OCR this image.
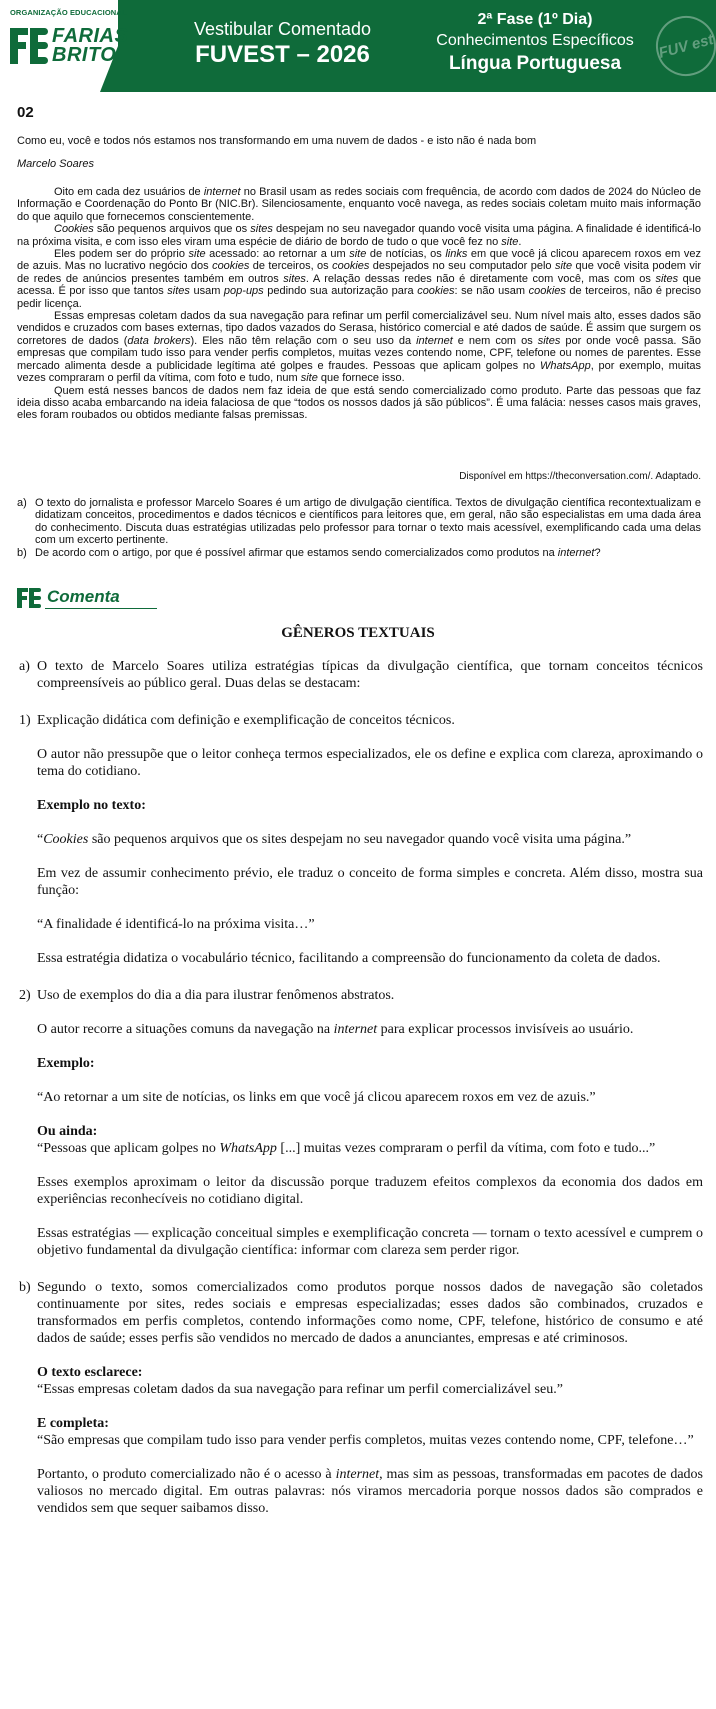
ORGANIZAÇÃO EDUCACIONAL
FARIAS
BRITO
Vestibular Comentado
FUVEST – 2026
2ª Fase (1º Dia)
Conhecimentos Específicos
Língua Portuguesa
FUV est
02
Como eu, você e todos nós estamos nos transformando em uma nuvem de dados - e isto não é nada bom
Marcelo Soares

Oito em cada dez usuários de internet no Brasil usam as redes sociais com frequência, de acordo com dados de 2024 do Núcleo de Informação e Coordenação do Ponto Br (NIC.Br). Silenciosamente, enquanto você navega, as redes sociais coletam muito mais informação do que aquilo que fornecemos conscientemente.

Cookies são pequenos arquivos que os sites despejam no seu navegador quando você visita uma página. A finalidade é identificá-lo na próxima visita, e com isso eles viram uma espécie de diário de bordo de tudo o que você fez no site.

Eles podem ser do próprio site acessado: ao retornar a um site de notícias, os links em que você já clicou aparecem roxos em vez de azuis. Mas no lucrativo negócio dos cookies de terceiros, os cookies despejados no seu computador pelo site que você visita podem vir de redes de anúncios presentes também em outros sites. A relação dessas redes não é diretamente com você, mas com os sites que acessa. É por isso que tantos sites usam pop-ups pedindo sua autorização para cookies: se não usam cookies de terceiros, não é preciso pedir licença.

Essas empresas coletam dados da sua navegação para refinar um perfil comercializável seu. Num nível mais alto, esses dados são vendidos e cruzados com bases externas, tipo dados vazados do Serasa, histórico comercial e até dados de saúde. É assim que surgem os corretores de dados (data brokers). Eles não têm relação com o seu uso da internet e nem com os sites por onde você passa. São empresas que compilam tudo isso para vender perfis completos, muitas vezes contendo nome, CPF, telefone ou nomes de parentes. Esse mercado alimenta desde a publicidade legítima até golpes e fraudes. Pessoas que aplicam golpes no WhatsApp, por exemplo, muitas vezes compraram o perfil da vítima, com foto e tudo, num site que fornece isso.

Quem está nesses bancos de dados nem faz ideia de que está sendo comercializado como produto. Parte das pessoas que faz ideia disso acaba embarcando na ideia falaciosa de que “todos os nossos dados já são públicos”. É uma falácia: nesses casos mais graves, eles foram roubados ou obtidos mediante falsas premissas.

Disponível em https://theconversation.com/. Adaptado.
a) O texto do jornalista e professor Marcelo Soares é um artigo de divulgação científica. Textos de divulgação científica recontextualizam e didatizam conceitos, procedimentos e dados técnicos e científicos para leitores que, em geral, não são especialistas em uma dada área do conhecimento. Discuta duas estratégias utilizadas pelo professor para tornar o texto mais acessível, exemplificando cada uma delas com um excerto pertinente.
b) De acordo com o artigo, por que é possível afirmar que estamos sendo comercializados como produtos na internet?
Comenta
GÊNEROS TEXTUAIS
a) O texto de Marcelo Soares utiliza estratégias típicas da divulgação científica, que tornam conceitos técnicos compreensíveis ao público geral. Duas delas se destacam:
1) Explicação didática com definição e exemplificação de conceitos técnicos.

O autor não pressupõe que o leitor conheça termos especializados, ele os define e explica com clareza, aproximando o tema do cotidiano.

Exemplo no texto:

“Cookies são pequenos arquivos que os sites despejam no seu navegador quando você visita uma página.”

Em vez de assumir conhecimento prévio, ele traduz o conceito de forma simples e concreta. Além disso, mostra sua função:

“A finalidade é identificá-lo na próxima visita…”

Essa estratégia didatiza o vocabulário técnico, facilitando a compreensão do funcionamento da coleta de dados.

2) Uso de exemplos do dia a dia para ilustrar fenômenos abstratos.

O autor recorre a situações comuns da navegação na internet para explicar processos invisíveis ao usuário.

Exemplo:

“Ao retornar a um site de notícias, os links em que você já clicou aparecem roxos em vez de azuis.”

Ou ainda:

“Pessoas que aplicam golpes no WhatsApp [...] muitas vezes compraram o perfil da vítima, com foto e tudo...”

Esses exemplos aproximam o leitor da discussão porque traduzem efeitos complexos da economia dos dados em experiências reconhecíveis no cotidiano digital.

Essas estratégias — explicação conceitual simples e exemplificação concreta — tornam o texto acessível e cumprem o objetivo fundamental da divulgação científica: informar com clareza sem perder rigor.

b) Segundo o texto, somos comercializados como produtos porque nossos dados de navegação são coletados continuamente por sites, redes sociais e empresas especializadas; esses dados são combinados, cruzados e transformados em perfis completos, contendo informações como nome, CPF, telefone, histórico de consumo e até dados de saúde; esses perfis são vendidos no mercado de dados a anunciantes, empresas e até criminosos.

O texto esclarece:

“Essas empresas coletam dados da sua navegação para refinar um perfil comercializável seu.”

E completa:

“São empresas que compilam tudo isso para vender perfis completos, muitas vezes contendo nome, CPF, telefone…”

Portanto, o produto comercializado não é o acesso à internet, mas sim as pessoas, transformadas em pacotes de dados valiosos no mercado digital. Em outras palavras: nós viramos mercadoria porque nossos dados são comprados e vendidos sem que sequer saibamos disso.
